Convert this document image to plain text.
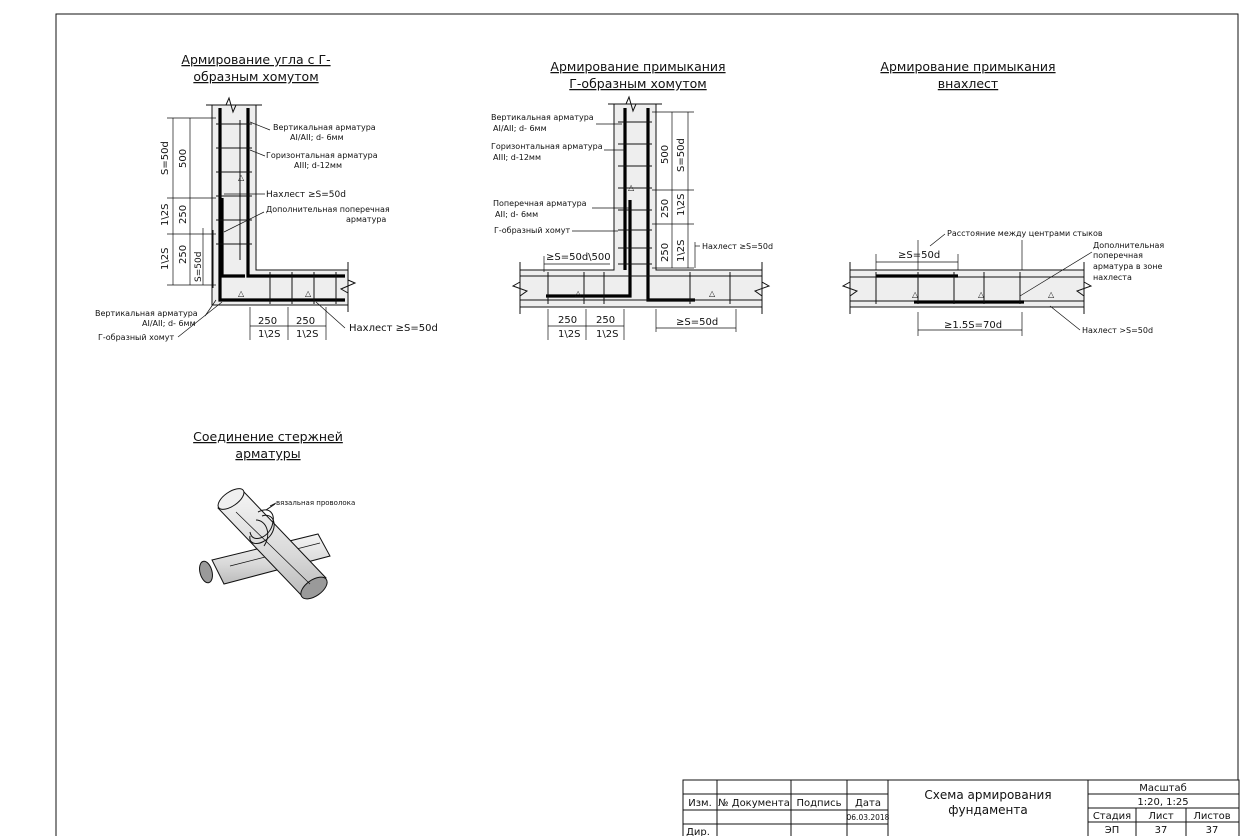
Армирование угла с Г-
образным хомутом
Армирование примыкания
Г-образным хомутом
Армирование примыкания
внахлест
Соединение стержней
арматуры
△
△	△
S=50d
1\2S
1\2S
500
250
250 S=50d
250 250
1\2S 1\2S
Вертикальная арматура
AI/AII; d- 6мм
Горизонтальная арматура
AIII; d-12мм
Нахлест ≥S=50d
Дополнительная поперечная
арматура
Вертикальная арматура
AI/AII; d- 6мм
Г-образный хомут
Нахлест ≥S=50d
△
△	△
500
250
250
S=50d
1\2S
1\2S
≥S=50d\500
250 250
1\2S 1\2S
≥S=50d
Вертикальная арматура
AI/AII; d- 6мм
Горизонтальная арматура
AIII; d-12мм
Поперечная арматура
AII; d- 6мм
Г-образный хомут
Нахлест ≥S=50d
△	△	△
≥S=50d
≥1.5S=70d
Расстояние между центрами стыков
Дополнительная
поперечная
арматура в зоне
нахлеста
Нахлест >S=50d
вязальная проволока
Изм. № Документа Подпись Дата
06.03.2018
Дир.
Схема армирования
фундамента
Масштаб
1:20, 1:25
Стадия Лист Листов
ЭП	37	37
